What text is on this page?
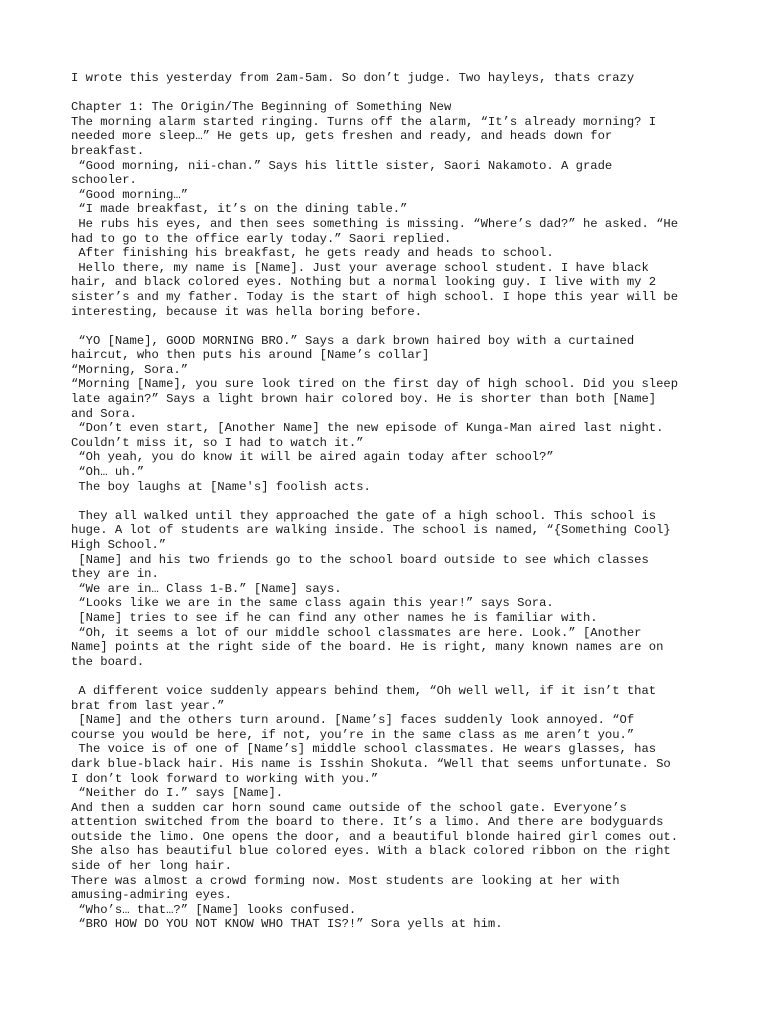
I wrote this yesterday from 2am-5am. So don’t judge. Two hayleys, thats crazy
Chapter 1: The Origin/The Beginning of Something New
The morning alarm started ringing. Turns off the alarm, “It’s already morning? I
needed more sleep…” He gets up, gets freshen and ready, and heads down for
breakfast.
“Good morning, nii-chan.” Says his little sister, Saori Nakamoto. A grade
schooler.
“Good morning…”
“I made breakfast, it’s on the dining table.”
He rubs his eyes, and then sees something is missing. “Where’s dad?” he asked. “He
had to go to the office early today.” Saori replied.
After finishing his breakfast, he gets ready and heads to school.
Hello there, my name is [Name]. Just your average school student. I have black
hair, and black colored eyes. Nothing but a normal looking guy. I live with my 2
sister’s and my father. Today is the start of high school. I hope this year will be
interesting, because it was hella boring before.
“YO [Name], GOOD MORNING BRO.” Says a dark brown haired boy with a curtained
haircut, who then puts his around [Name’s collar]
“Morning, Sora.”
“Morning [Name], you sure look tired on the first day of high school. Did you sleep
late again?” Says a light brown hair colored boy. He is shorter than both [Name]
and Sora.
“Don’t even start, [Another Name] the new episode of Kunga-Man aired last night.
Couldn’t miss it, so I had to watch it.”
“Oh yeah, you do know it will be aired again today after school?”
“Oh… uh.”
The boy laughs at [Name's] foolish acts.
They all walked until they approached the gate of a high school. This school is
huge. A lot of students are walking inside. The school is named, “{Something Cool}
High School.”
[Name] and his two friends go to the school board outside to see which classes
they are in.
“We are in… Class 1-B.” [Name] says.
“Looks like we are in the same class again this year!” says Sora.
[Name] tries to see if he can find any other names he is familiar with.
“Oh, it seems a lot of our middle school classmates are here. Look.” [Another
Name] points at the right side of the board. He is right, many known names are on
the board.
A different voice suddenly appears behind them, “Oh well well, if it isn’t that
brat from last year.”
[Name] and the others turn around. [Name’s] faces suddenly look annoyed. “Of
course you would be here, if not, you’re in the same class as me aren’t you.”
The voice is of one of [Name’s] middle school classmates. He wears glasses, has
dark blue-black hair. His name is Isshin Shokuta. “Well that seems unfortunate. So
I don’t look forward to working with you.”
“Neither do I.” says [Name].
And then a sudden car horn sound came outside of the school gate. Everyone’s
attention switched from the board to there. It’s a limo. And there are bodyguards
outside the limo. One opens the door, and a beautiful blonde haired girl comes out.
She also has beautiful blue colored eyes. With a black colored ribbon on the right
side of her long hair.
There was almost a crowd forming now. Most students are looking at her with
amusing-admiring eyes.
“Who’s… that…?” [Name] looks confused.
“BRO HOW DO YOU NOT KNOW WHO THAT IS?!” Sora yells at him.
